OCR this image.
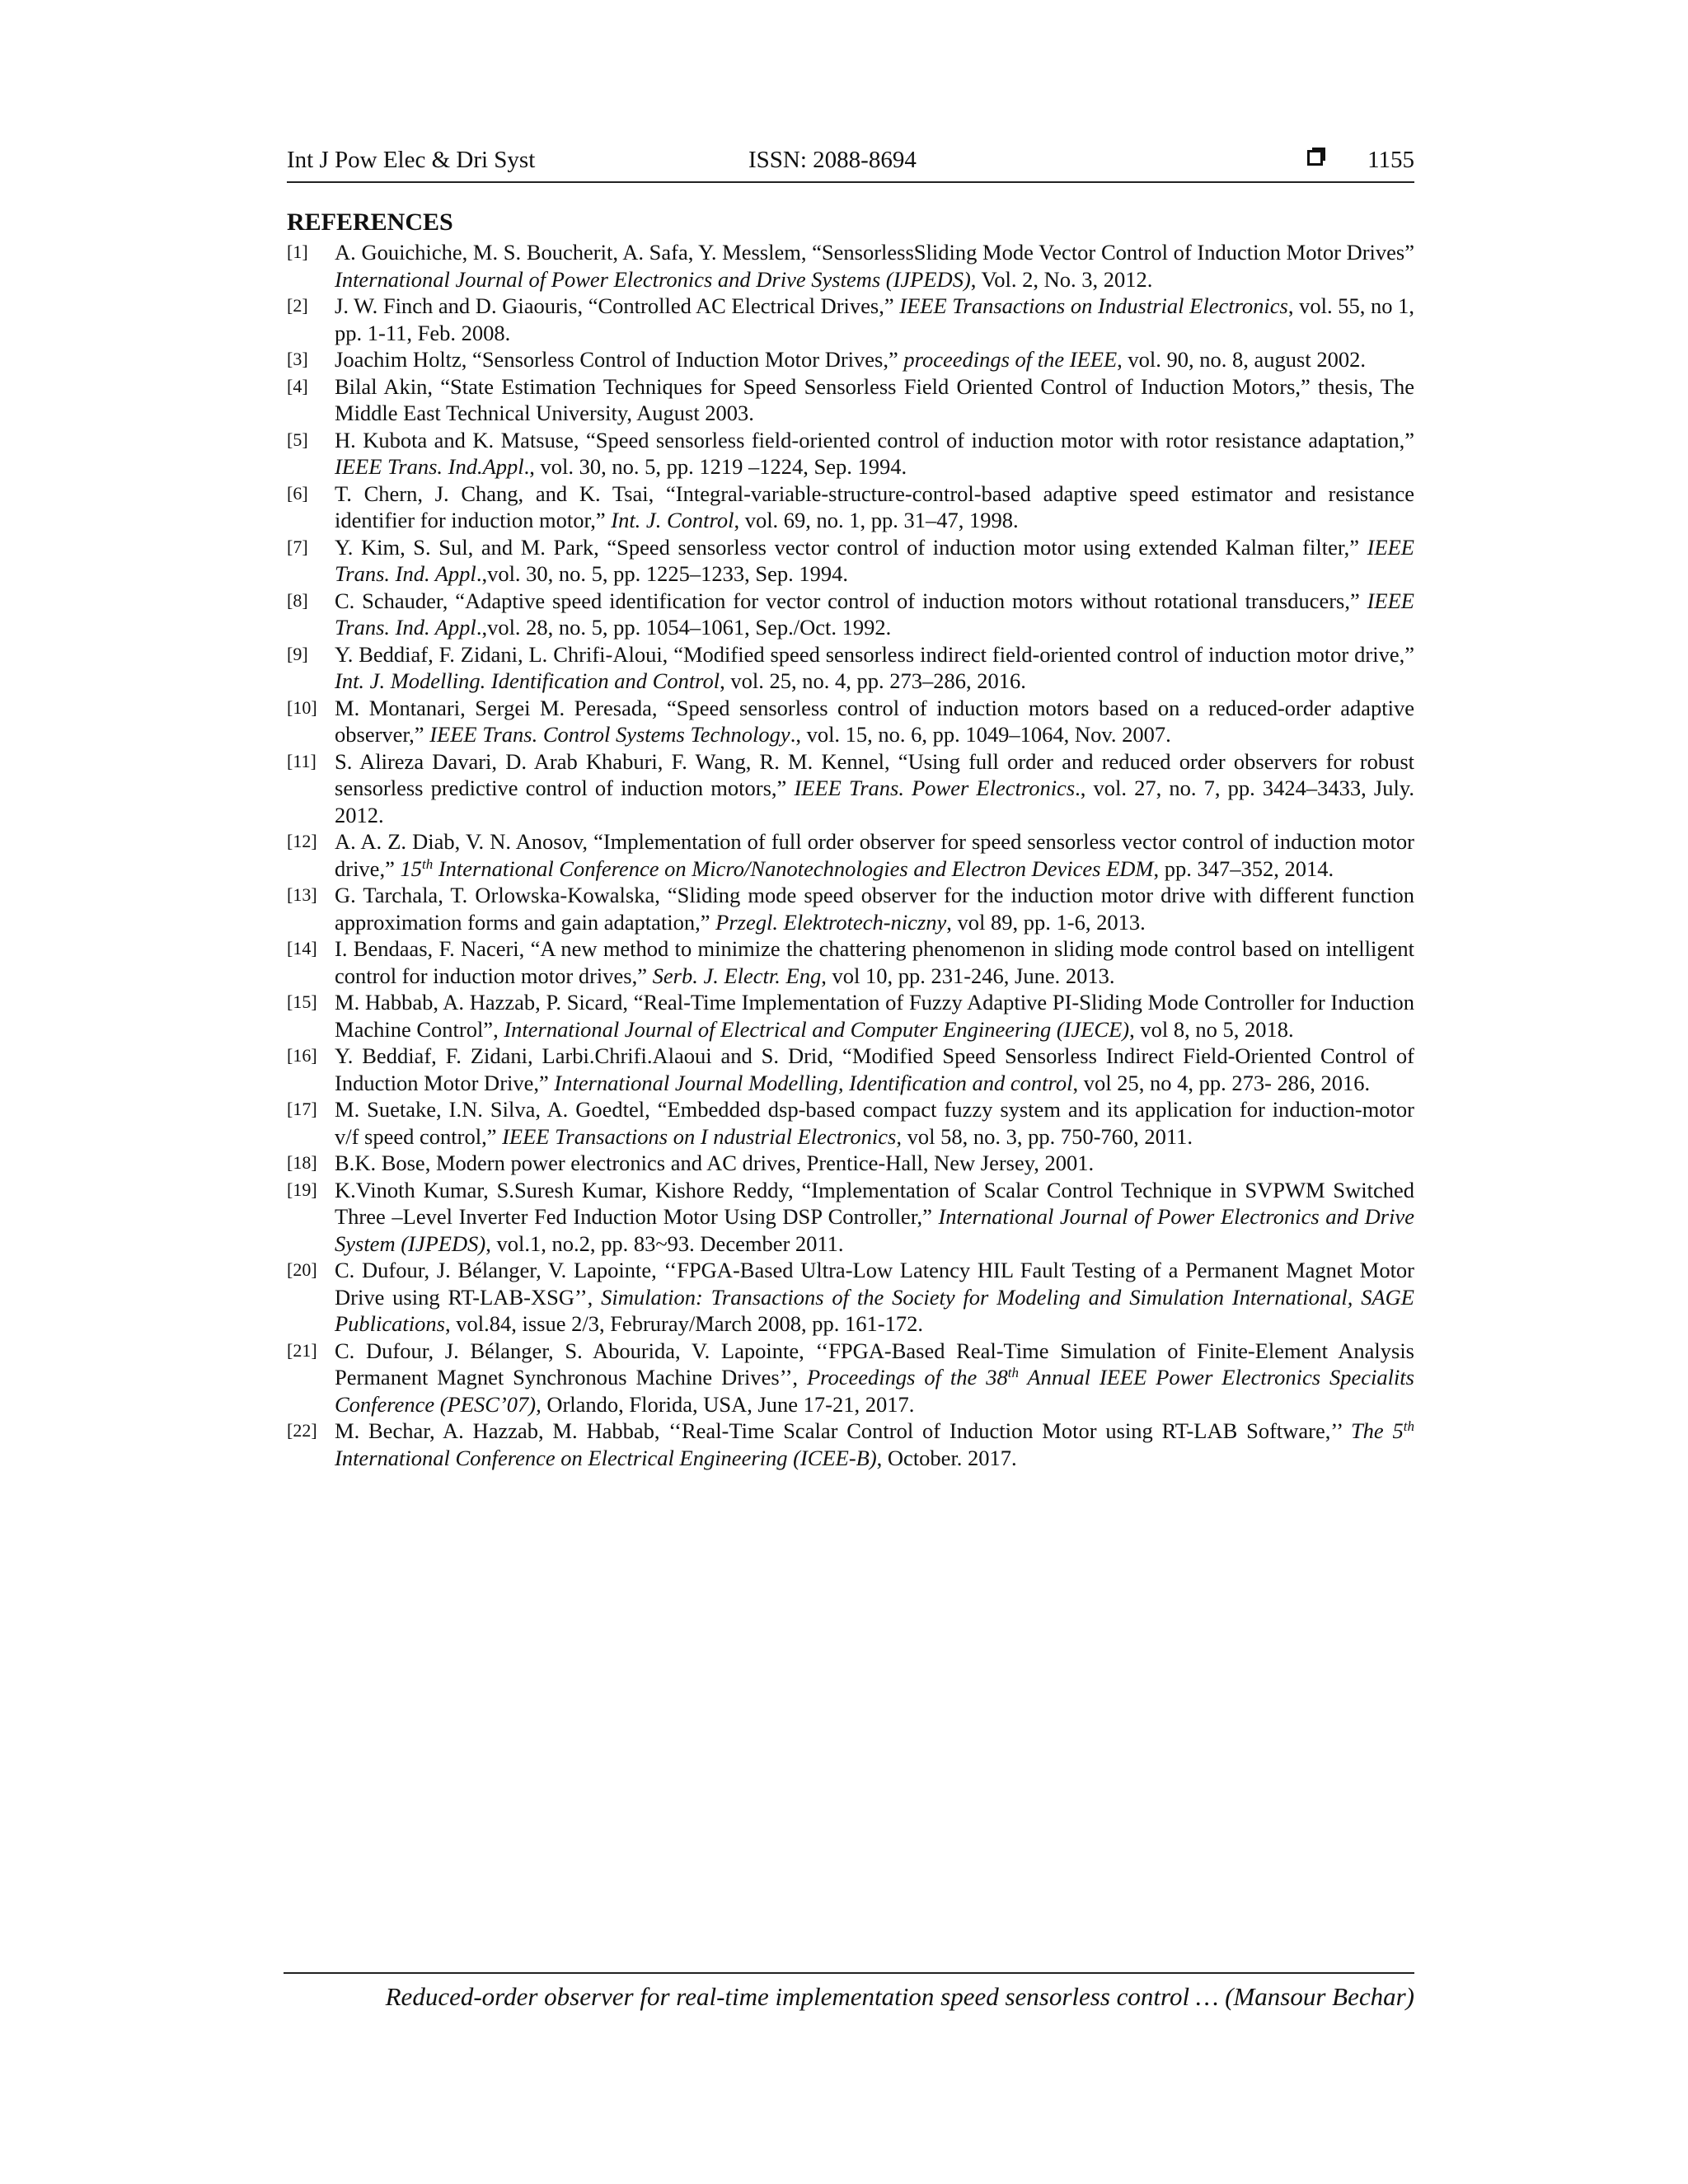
Int J Pow Elec & Dri Syst	ISSN: 2088-8694	1155
REFERENCES
[1]	A. Gouichiche, M. S. Boucherit, A. Safa, Y. Messlem, “SensorlessSliding Mode Vector Control of Induction Motor Drives” International Journal of Power Electronics and Drive Systems (IJPEDS), Vol. 2, No. 3, 2012.
[2]	J. W. Finch and D. Giaouris, “Controlled AC Electrical Drives,” IEEE Transactions on Industrial Electronics, vol. 55, no 1, pp. 1-11, Feb. 2008.
[3]	Joachim Holtz, “Sensorless Control of Induction Motor Drives,” proceedings of the IEEE, vol. 90, no. 8, august 2002.
[4]	Bilal Akin, “State Estimation Techniques for Speed Sensorless Field Oriented Control of Induction Motors,” thesis, The Middle East Technical University, August 2003.
[5]	H. Kubota and K. Matsuse, “Speed sensorless field-oriented control of induction motor with rotor resistance adaptation,” IEEE Trans. Ind.Appl., vol. 30, no. 5, pp. 1219 –1224, Sep. 1994.
[6]	T. Chern, J. Chang, and K. Tsai, “Integral-variable-structure-control-based adaptive speed estimator and resistance identifier for induction motor,” Int. J. Control, vol. 69, no. 1, pp. 31–47, 1998.
[7]	Y. Kim, S. Sul, and M. Park, “Speed sensorless vector control of induction motor using extended Kalman filter,” IEEE Trans. Ind. Appl.,vol. 30, no. 5, pp. 1225–1233, Sep. 1994.
[8]	C. Schauder, “Adaptive speed identification for vector control of induction motors without rotational transducers,” IEEE Trans. Ind. Appl.,vol. 28, no. 5, pp. 1054–1061, Sep./Oct. 1992.
[9]	Y. Beddiaf, F. Zidani, L. Chrifi-Aloui, “Modified speed sensorless indirect field-oriented control of induction motor drive,” Int. J. Modelling. Identification and Control, vol. 25, no. 4, pp. 273–286, 2016.
[10] M. Montanari, Sergei M. Peresada, “Speed sensorless control of induction motors based on a reduced-order adaptive observer,” IEEE Trans. Control Systems Technology., vol. 15, no. 6, pp. 1049–1064, Nov. 2007.
[11] S. Alireza Davari, D. Arab Khaburi, F. Wang, R. M. Kennel, “Using full order and reduced order observers for robust sensorless predictive control of induction motors,” IEEE Trans. Power Electronics., vol. 27, no. 7, pp. 3424–3433, July. 2012.
[12] A. A. Z. Diab, V. N. Anosov, “Implementation of full order observer for speed sensorless vector control of induction motor drive,” 15th International Conference on Micro/Nanotechnologies and Electron Devices EDM, pp. 347–352, 2014.
[13] G. Tarchala, T. Orlowska-Kowalska, “Sliding mode speed observer for the induction motor drive with different function approximation forms and gain adaptation,” Przegl. Elektrotech-niczny, vol 89, pp. 1-6, 2013.
[14] I. Bendaas, F. Naceri, “A new method to minimize the chattering phenomenon in sliding mode control based on intelligent control for induction motor drives,” Serb. J. Electr. Eng, vol 10, pp. 231-246, June. 2013.
[15] M. Habbab, A. Hazzab, P. Sicard, “Real-Time Implementation of Fuzzy Adaptive PI-Sliding Mode Controller for Induction Machine Control”, International Journal of Electrical and Computer Engineering (IJECE), vol 8, no 5, 2018.
[16] Y. Beddiaf, F. Zidani, Larbi.Chrifi.Alaoui and S. Drid, “Modified Speed Sensorless Indirect Field-Oriented Control of Induction Motor Drive,” International Journal Modelling, Identification and control, vol 25, no 4, pp. 273- 286, 2016.
[17] M. Suetake, I.N. Silva, A. Goedtel, “Embedded dsp-based compact fuzzy system and its application for induction-motor v/f speed control,” IEEE Transactions on I ndustrial Electronics, vol 58, no. 3, pp. 750-760, 2011.
[18] B.K. Bose, Modern power electronics and AC drives, Prentice-Hall, New Jersey, 2001.
[19] K.Vinoth Kumar, S.Suresh Kumar, Kishore Reddy, “Implementation of Scalar Control Technique in SVPWM Switched Three –Level Inverter Fed Induction Motor Using DSP Controller,” International Journal of Power Electronics and Drive System (IJPEDS), vol.1, no.2, pp. 83~93. December 2011.
[20] C. Dufour, J. Bélanger, V. Lapointe, ‘‘FPGA-Based Ultra-Low Latency HIL Fault Testing of a Permanent Magnet Motor Drive using RT-LAB-XSG’’, Simulation: Transactions of the Society for Modeling and Simulation International, SAGE Publications, vol.84, issue 2/3, Februray/March 2008, pp. 161-172.
[21] C. Dufour, J. Bélanger, S. Abourida, V. Lapointe, ‘‘FPGA-Based Real-Time Simulation of Finite-Element Analysis Permanent Magnet Synchronous Machine Drives’’, Proceedings of the 38th Annual IEEE Power Electronics Specialits Conference (PESC’07), Orlando, Florida, USA, June 17-21, 2017.
[22] M. Bechar, A. Hazzab, M. Habbab, ‘‘Real-Time Scalar Control of Induction Motor using RT-LAB Software,’’ The 5th International Conference on Electrical Engineering (ICEE-B), October. 2017.
Reduced-order observer for real-time implementation speed sensorless control … (Mansour Bechar)
